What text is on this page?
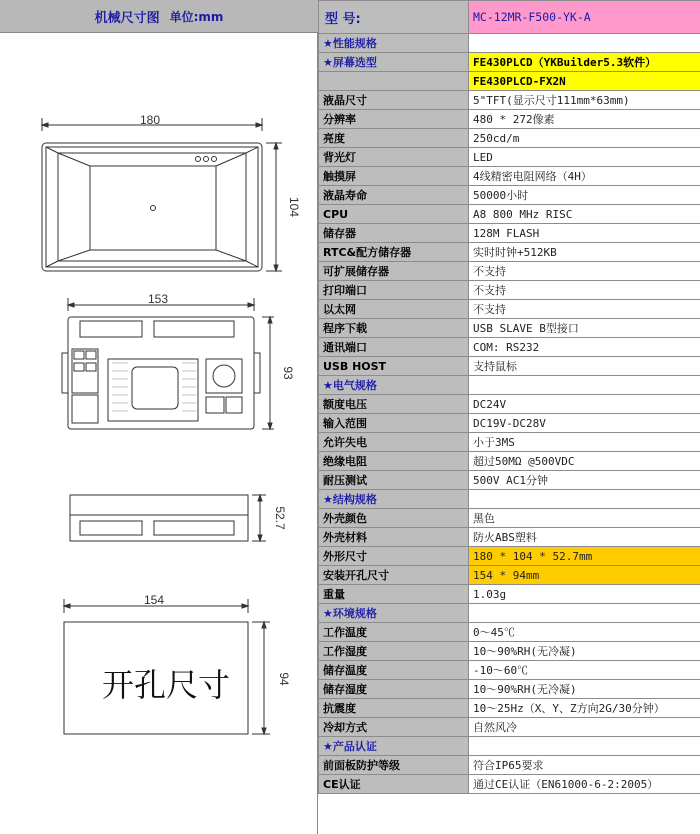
机械尺寸图 单位:mm
180
104
153
93
52.7
154
94
开孔尺寸
型 号:	MC-12MR-F500-YK-A
★性能规格	
★屏幕选型	FE430PLCD（YKBuilder5.3软件）
	FE430PLCD-FX2N
液晶尺寸	5"TFT(显示尺寸111mm*63mm)
分辨率	480 * 272像素
亮度	250cd/m
背光灯	LED
触摸屏	4线精密电阻网络（4H）
液晶寿命	50000小时
CPU	A8 800 MHz RISC
储存器	128M FLASH
RTC&配方储存器	实时时钟+512KB
可扩展储存器	不支持
打印端口	不支持
以太网	不支持
程序下载	USB SLAVE B型接口
通讯端口	COM: RS232
USB HOST	支持鼠标
★电气规格	
额度电压	DC24V
输入范围	DC19V-DC28V
允许失电	小于3MS
绝缘电阻	超过50MΩ @500VDC
耐压测试	500V AC1分钟
★结构规格	
外壳颜色	黑色
外壳材料	防火ABS塑料
外形尺寸	180 * 104 * 52.7mm
安装开孔尺寸	154 * 94mm
重量	1.03g
★环境规格	
工作温度	0～45℃
工作湿度	10～90%RH(无冷凝)
储存温度	-10～60℃
储存湿度	10～90%RH(无冷凝)
抗震度	10～25Hz（X、Y、Z方向2G/30分钟）
冷却方式	自然风冷
★产品认证	
前面板防护等级	符合IP65要求
CE认证	通过CE认证（EN61000-6-2:2005）
